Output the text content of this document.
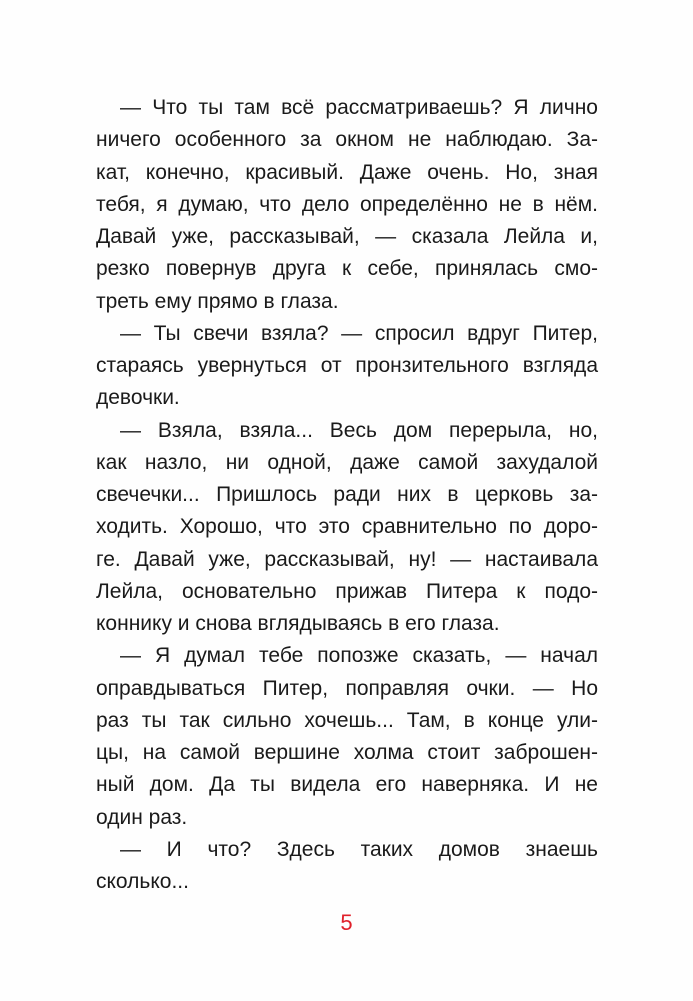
— Что ты там всё рассматриваешь? Я лично
ничего особенного за окном не наблюдаю. За-
кат, конечно, красивый. Даже очень. Но, зная
тебя, я думаю, что дело определённо не в нём.
Давай уже, рассказывай, — сказала Лейла и,
резко повернув друга к себе, принялась смо-
треть ему прямо в глаза.
— Ты свечи взяла? — спросил вдруг Питер,
стараясь увернуться от пронзительного взгляда
девочки.
— Взяла, взяла... Весь дом перерыла, но,
как назло, ни одной, даже самой захудалой
свечечки... Пришлось ради них в церковь за-
ходить. Хорошо, что это сравнительно по доро-
ге. Давай уже, рассказывай, ну! — настаивала
Лейла, основательно прижав Питера к подо-
коннику и снова вглядываясь в его глаза.
— Я думал тебе попозже сказать, — начал
оправдываться Питер, поправляя очки. — Но
раз ты так сильно хочешь... Там, в конце ули-
цы, на самой вершине холма стоит заброшен-
ный дом. Да ты видела его наверняка. И не
один раз.
— И что? Здесь таких домов знаешь
сколько...
5
